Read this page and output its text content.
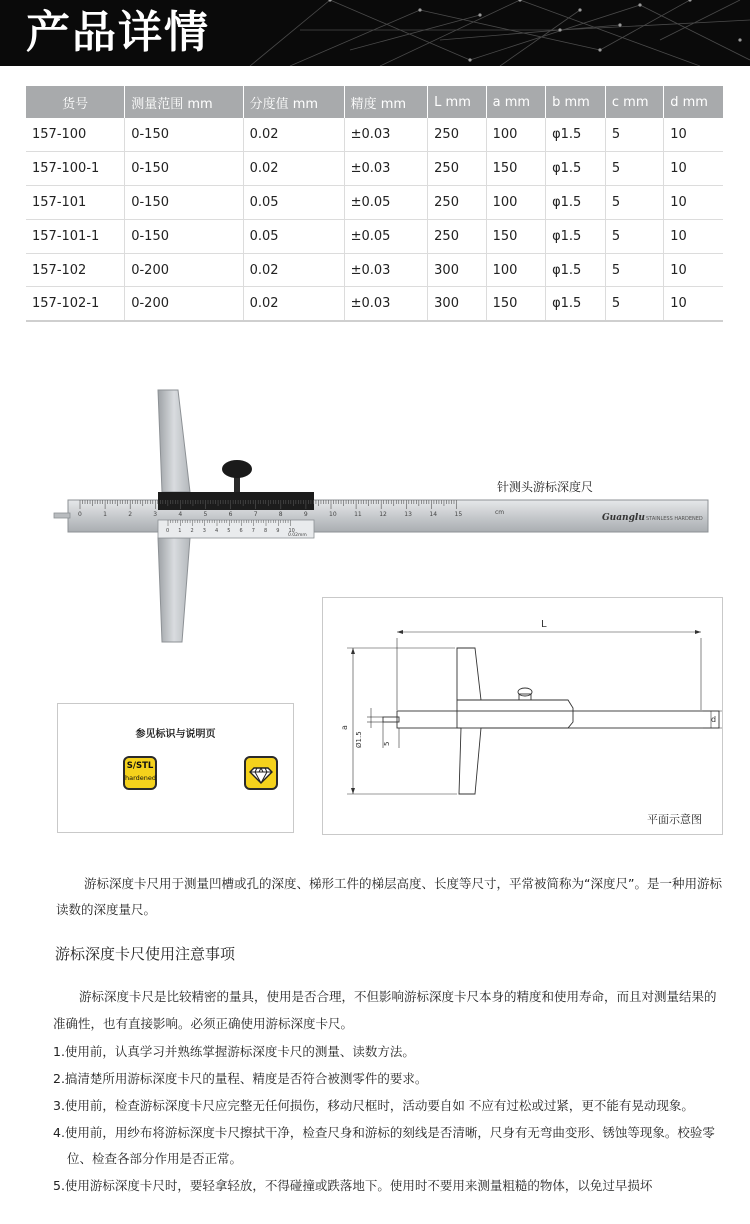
产品详情
货号	测量范围 mm	分度值 mm	精度 mm	L mm	a mm	b mm	c mm	d mm
157-100	0-150	0.02	±0.03	250	100	φ1.5	5	10
157-100-1	0-150	0.02	±0.03	250	150	φ1.5	5	10
157-101	0-150	0.05	±0.05	250	100	φ1.5	5	10
157-101-1	0-150	0.05	±0.05	250	150	φ1.5	5	10
157-102	0-200	0.02	±0.03	300	100	φ1.5	5	10
157-102-1	0-200	0.02	±0.03	300	150	φ1.5	5	10
0	1	2	3	4	5	6	7	8	9	10	11	12	13	14	15
0 1 2 3 4 5 6 7 8 9 10
cm
0.02mm
Guanglu STAINLESS HARDENED
针测头游标深度尺
参见标识与说明页
S/STL
hardened
L
a
Ø1.5	5
d
平面示意图

游标深度卡尺用于测量凹槽或孔的深度、梯形工件的梯层高度、长度等尺寸，平常被简称为“深度尺”。是一种用游标读数的深度量尺。

游标深度卡尺使用注意事项

游标深度卡尺是比较精密的量具，使用是否合理，不但影响游标深度卡尺本身的精度和使用寿命，而且对测量结果的准确性，也有直接影响。必须正确使用游标深度卡尺。

1.使用前，认真学习并熟练掌握游标深度卡尺的测量、读数方法。
2.搞清楚所用游标深度卡尺的量程、精度是否符合被测零件的要求。
3.使用前，检查游标深度卡尺应完整无任何损伤，移动尺框时，活动要自如 不应有过松或过紧，更不能有晃动现象。
4.使用前，用纱布将游标深度卡尺擦拭干净，检查尺身和游标的刻线是否清晰，尺身有无弯曲变形、锈蚀等现象。校验零位、检查各部分作用是否正常。
5.使用游标深度卡尺时，要轻拿轻放，不得碰撞或跌落地下。使用时不要用来测量粗糙的物体，以免过早损坏
